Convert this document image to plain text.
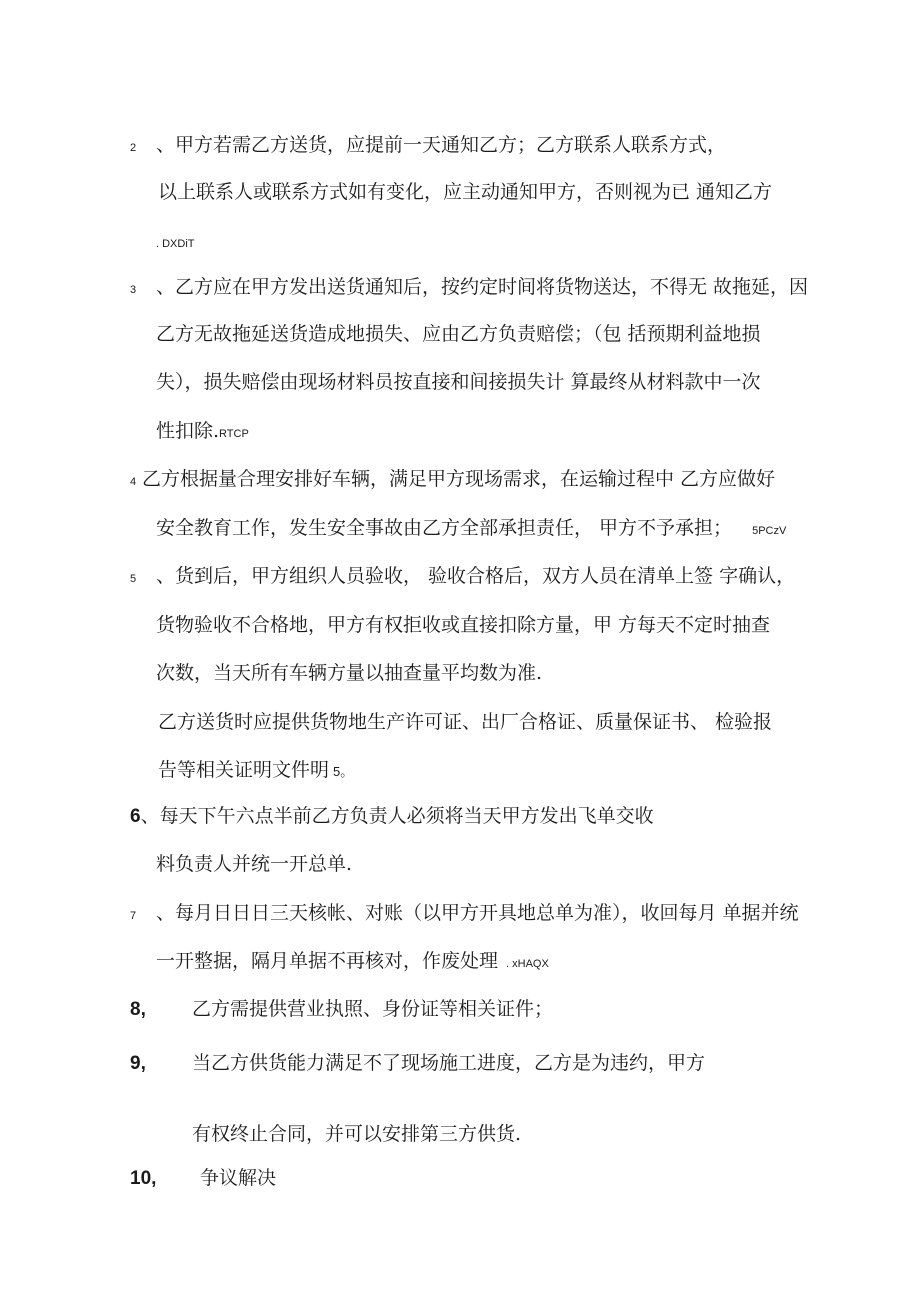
2 、甲方若需乙方送货，应提前一天通知乙方；乙方联系人联系方式，
以上联系人或联系方式如有变化，应主动通知甲方，否则视为已 通知乙方
. DXDiT
3 、乙方应在甲方发出送货通知后，按约定时间将货物送达，不得无 故拖延，因
乙方无故拖延送货造成地损失、应由乙方负责赔偿；（包 括预期利益地损
失），损失赔偿由现场材料员按直接和间接损失计 算最终从材料款中一次
性扣除.RTCP
4 乙方根据量合理安排好车辆，满足甲方现场需求，在运输过程中 乙方应做好
安全教育工作，发生安全事故由乙方全部承担责任， 甲方不予承担； 5PCzV
5 、货到后，甲方组织人员验收， 验收合格后，双方人员在清单上签 字确认，
货物验收不合格地，甲方有权拒收或直接扣除方量，甲 方每天不定时抽查
次数，当天所有车辆方量以抽查量平均数为准.
乙方送货时应提供货物地生产许可证、出厂合格证、质量保证书、 检验报
告等相关证明文件明 5。
6、每天下午六点半前乙方负责人必须将当天甲方发出飞单交收
料负责人并统一开总单.
7 、每月日日日三天核帐、对账（以甲方开具地总单为准），收回每月 单据并统
一开整据，隔月单据不再核对，作废处理 . xHAQX
8, 乙方需提供营业执照、身份证等相关证件；
9, 当乙方供货能力满足不了现场施工进度，乙方是为违约，甲方
有权终止合同，并可以安排第三方供货.
10, 争议解决
